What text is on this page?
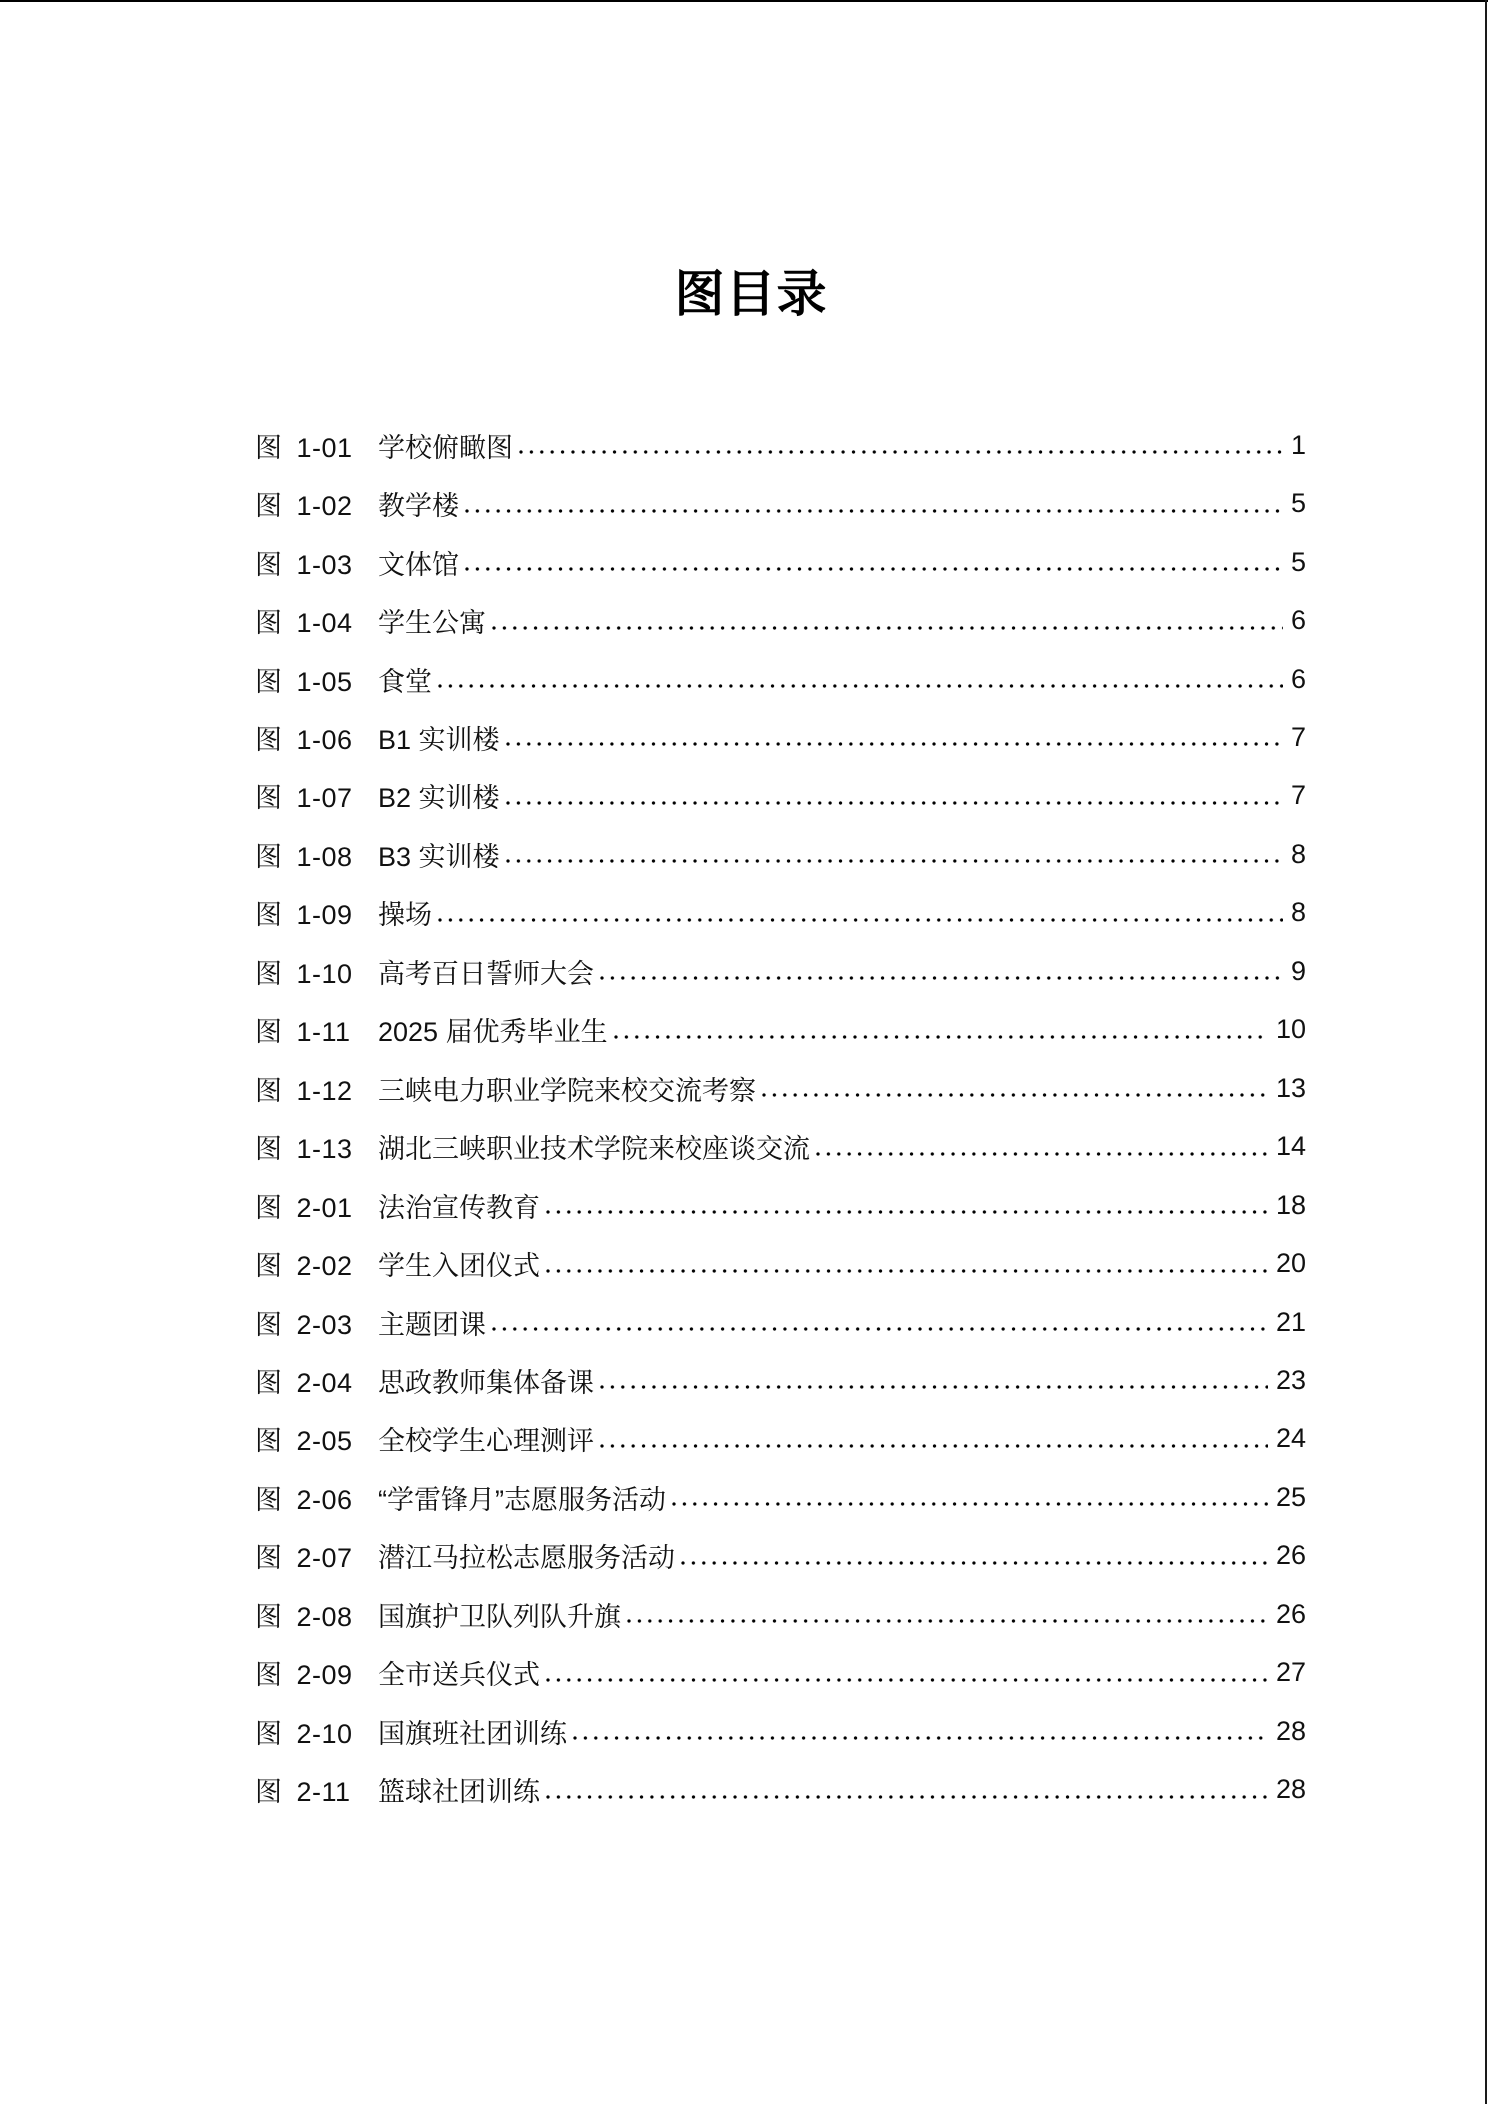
图目录
图 1-01 学校俯瞰图	1
图 1-02 教学楼	5
图 1-03 文体馆	5
图 1-04 学生公寓	6
图 1-05 食堂	6
图 1-06 B1 实训楼	7
图 1-07 B2 实训楼	7
图 1-08 B3 实训楼	8
图 1-09 操场	8
图 1-10 高考百日誓师大会	9
图 1-11	2025 届优秀毕业生	10
图 1-12 三峡电力职业学院来校交流考察	13
图 1-13 湖北三峡职业技术学院来校座谈交流	14
图 2-01 法治宣传教育	18
图 2-02 学生入团仪式	20
图 2-03 主题团课	21
图 2-04 思政教师集体备课	23
图 2-05 全校学生心理测评	24
图 2-06 “学雷锋月”志愿服务活动	25
图 2-07 潜江马拉松志愿服务活动	26
图 2-08 国旗护卫队列队升旗	26
图 2-09 全市送兵仪式	27
图 2-10 国旗班社团训练	28
图 2-11	篮球社团训练	28
